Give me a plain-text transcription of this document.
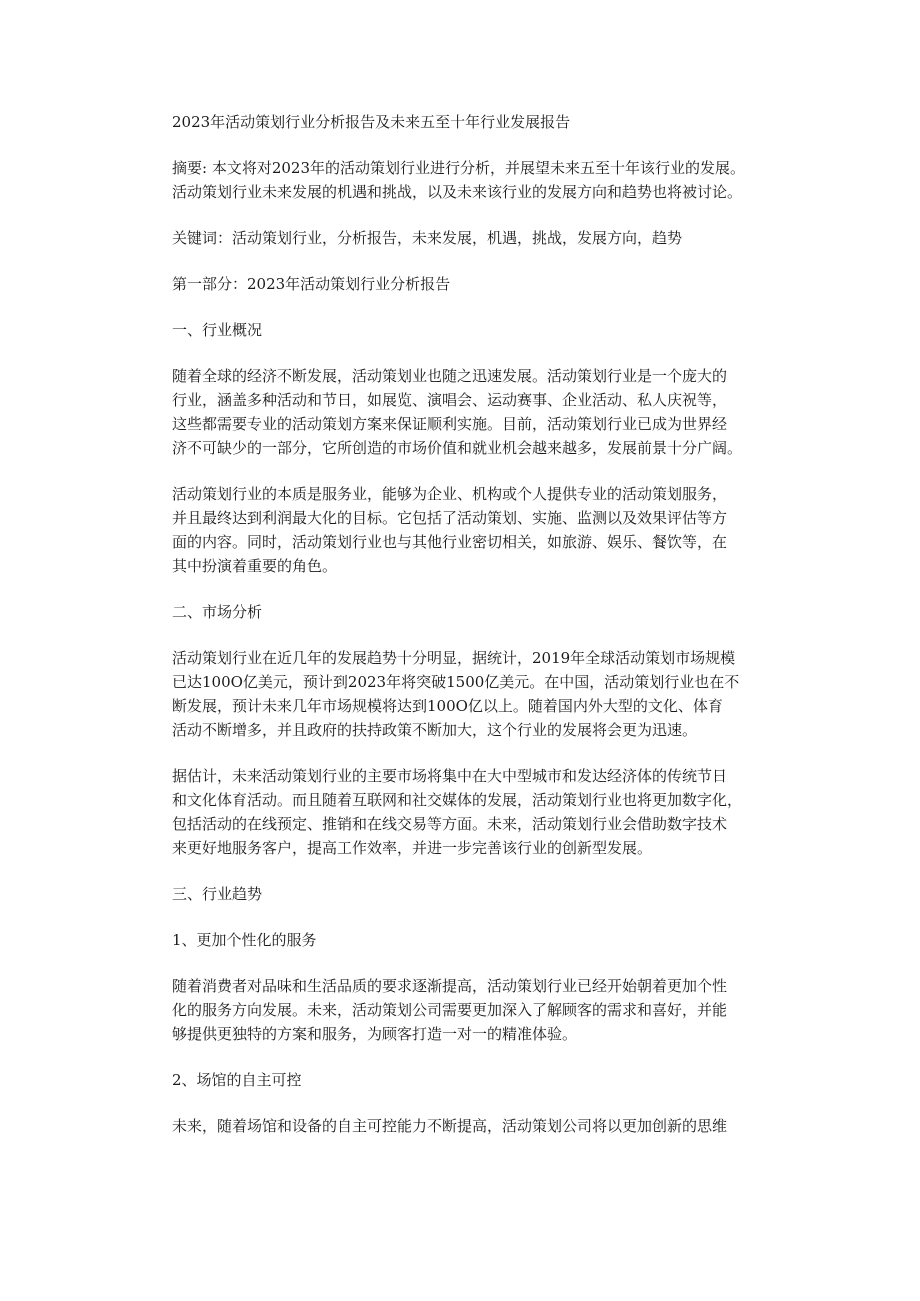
2023年活动策划行业分析报告及未来五至十年行业发展报告
摘要: 本文将对2023年的活动策划行业进行分析，并展望未来五至十年该行业的发展。
活动策划行业未来发展的机遇和挑战，以及未来该行业的发展方向和趋势也将被讨论。
关键词：活动策划行业，分析报告，未来发展，机遇，挑战，发展方向，趋势
第一部分：2023年活动策划行业分析报告
一、行业概况
随着全球的经济不断发展，活动策划业也随之迅速发展。活动策划行业是一个庞大的
行业，涵盖多种活动和节日，如展览、演唱会、运动赛事、企业活动、私人庆祝等，
这些都需要专业的活动策划方案来保证顺利实施。目前，活动策划行业已成为世界经
济不可缺少的一部分，它所创造的市场价值和就业机会越来越多，发展前景十分广阔。
活动策划行业的本质是服务业，能够为企业、机构或个人提供专业的活动策划服务，
并且最终达到利润最大化的目标。它包括了活动策划、实施、监测以及效果评估等方
面的内容。同时，活动策划行业也与其他行业密切相关，如旅游、娱乐、餐饮等，在
其中扮演着重要的角色。
二、市场分析
活动策划行业在近几年的发展趋势十分明显，据统计，2019年全球活动策划市场规模
已达100O亿美元，预计到2023年将突破1500亿美元。在中国，活动策划行业也在不
断发展，预计未来几年市场规模将达到100O亿以上。随着国内外大型的文化、体育
活动不断增多，并且政府的扶持政策不断加大，这个行业的发展将会更为迅速。
据估计，未来活动策划行业的主要市场将集中在大中型城市和发达经济体的传统节日
和文化体育活动。而且随着互联网和社交媒体的发展，活动策划行业也将更加数字化，
包括活动的在线预定、推销和在线交易等方面。未来，活动策划行业会借助数字技术
来更好地服务客户，提高工作效率，并进一步完善该行业的创新型发展。
三、行业趋势
1、更加个性化的服务
随着消费者对品味和生活品质的要求逐渐提高，活动策划行业已经开始朝着更加个性
化的服务方向发展。未来，活动策划公司需要更加深入了解顾客的需求和喜好，并能
够提供更独特的方案和服务，为顾客打造一对一的精准体验。
2、场馆的自主可控
未来，随着场馆和设备的自主可控能力不断提高，活动策划公司将以更加创新的思维
